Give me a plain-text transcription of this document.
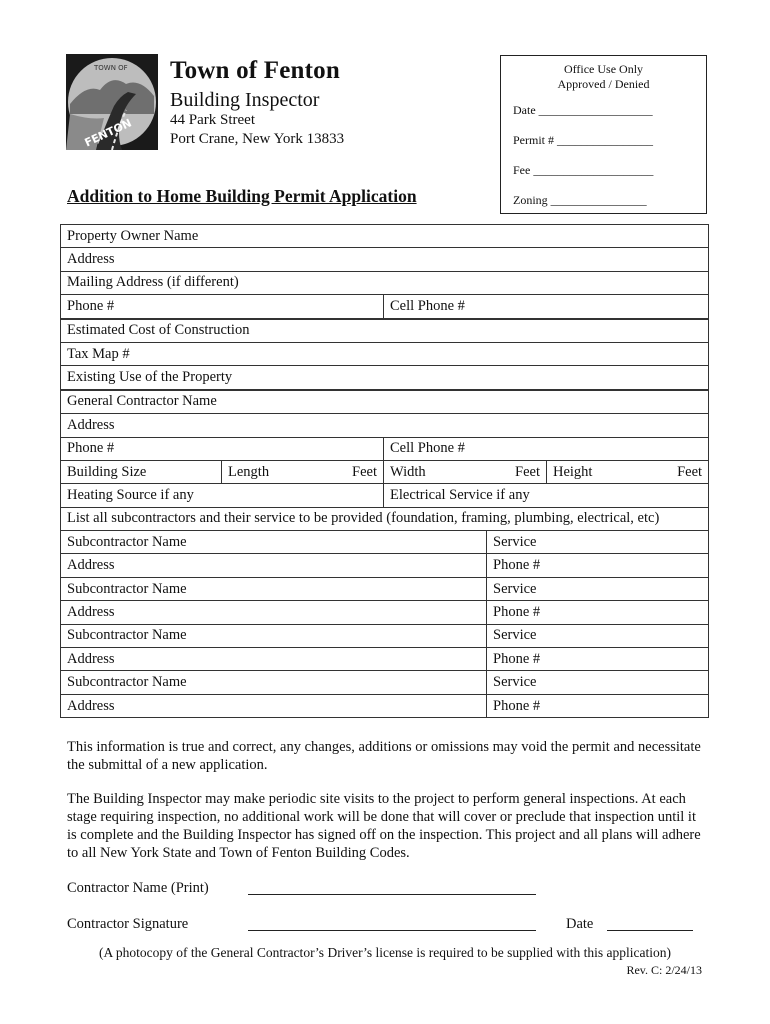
FENTON
TOWN OF Town of Fenton
Building Inspector
44 Park Street
Port Crane, New York 13833
Addition to Home Building Permit Application
Office Use Only
Approved / Denied
Date ___________________
Permit # ________________
Fee ____________________
Zoning ________________
Property Owner Name				
Address				
Mailing Address (if different)				
Phone #		Cell Phone #		
Estimated Cost of Construction				
Tax Map #				
Existing Use of the Property				
General Contractor Name				
Address				
Phone #		Cell Phone #		
Building Size	Length Feet	Width Feet		Height Feet

Heating Source if any		Electrical Service if any		
List all subcontractors and their service to be provided (foundation, framing, plumbing, electrical, etc)				
Subcontractor Name			Service	
Address			Phone #	
Subcontractor Name			Service	
Address			Phone #	
Subcontractor Name			Service	
Address			Phone #	
Subcontractor Name			Service	
Address			Phone #	
This information is true and correct, any changes, additions or omissions may void the permit and necessitate the submittal of a new application.
The Building Inspector may make periodic site visits to the project to perform general inspections. At each stage requiring inspection, no additional work will be done that will cover or preclude that inspection until it is complete and the Building Inspector has signed off on the inspection. This project and all plans will adhere to all New York State and Town of Fenton Building Codes.
Contractor Name (Print)
Contractor Signature	Date
(A photocopy of the General Contractor’s Driver’s license is required to be supplied with this application)
Rev. C: 2/24/13
